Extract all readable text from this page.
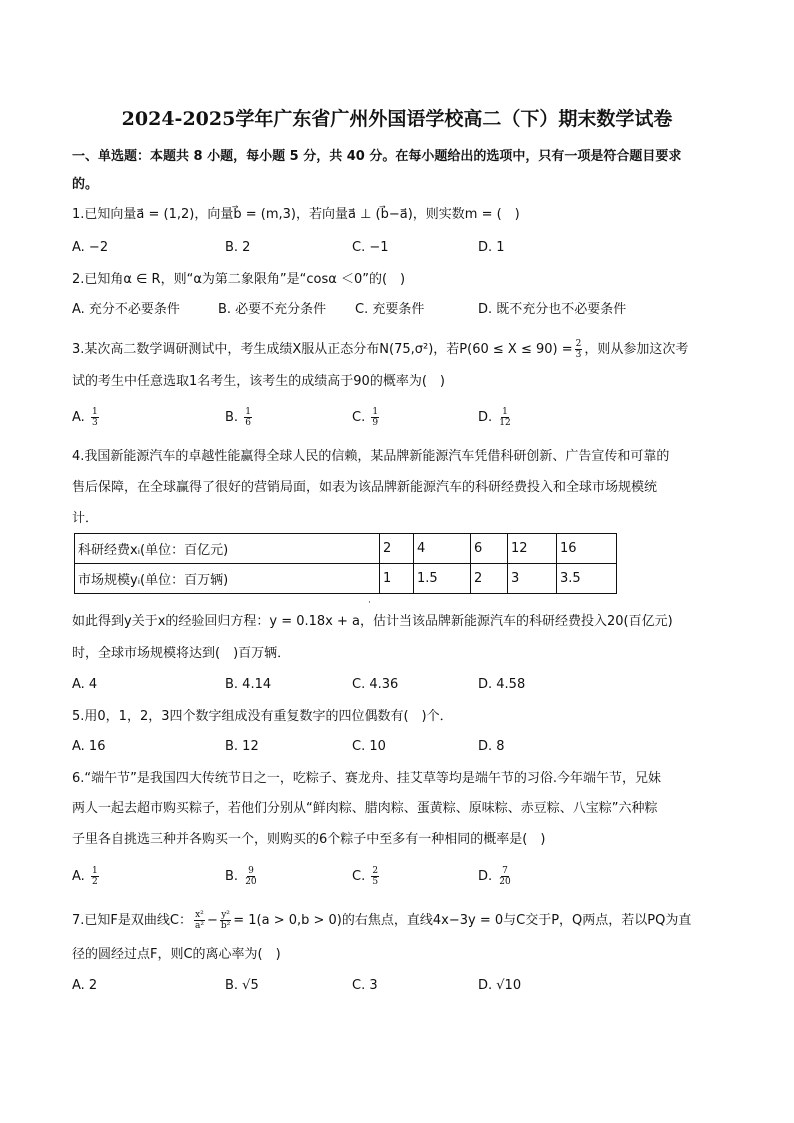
2024-2025学年广东省广州外国语学校高二（下）期末数学试卷
一、单选题：本题共 8 小题，每小题 5 分，共 40 分。在每小题给出的选项中，只有一项是符合题目要求
的。
1.已知向量a⃗ = (1,2)，向量b⃗ = (m,3)，若向量a⃗ ⊥ (b⃗−a⃗)，则实数m = (　)
A. −2	B. 2	C. −1	D. 1
2.已知角α ∈ R，则“α为第二象限角”是“cosα ＜0”的(　)
A. 充分不必要条件	B. 必要不充分条件 C. 充要条件	D. 既不充分也不必要条件
3.某次高二数学调研测试中，考生成绩X服从正态分布N(75,σ²)，若$P(60 \le X \le 90) = \frac{2}{3}$ ，则从参加这次考
试的考生中任意选取1名考生，该考生的成绩高于90的概率为(　)
A. $\frac{1}{3}$	B. $\frac{1}{6}$	C. $\frac{1}{9}$	D. $\frac{1}{12}$
4.我国新能源汽车的卓越性能赢得全球人民的信赖，某品牌新能源汽车凭借科研创新、广告宣传和可靠的
售后保障，在全球赢得了很好的营销局面，如表为该品牌新能源汽车的科研经费投入和全球市场规模统
计．
科研经费xᵢ(单位：百亿元)	2	4	6	12	16
市场规模yᵢ(单位：百万辆)	1	1.5	2	3	3.5
·
如此得到y关于x的经验回归方程：y = 0.18x + a，估计当该品牌新能源汽车的科研经费投入20(百亿元)
时，全球市场规模将达到(　)百万辆．
A. 4	B. 4.14	C. 4.36	D. 4.58
5.用0，1，2，3四个数字组成没有重复数字的四位偶数有(　)个．
A. 16	B. 12	C. 10	D. 8
6.“端午节”是我国四大传统节日之一，吃粽子、赛龙舟、挂艾草等均是端午节的习俗.今年端午节，兄妹
两人一起去超市购买粽子，若他们分别从“鲜肉粽、腊肉粽、蛋黄粽、原味粽、赤豆粽、八宝粽”六种粽
子里各自挑选三种并各购买一个，则购买的6个粽子中至多有一种相同的概率是(　)
A. $\frac{1}{2}$	B. $\frac{9}{20}$	C. $\frac{2}{5}$	D. $\frac{7}{20}$
7.已知F是双曲线C： $\frac{\text{x²}}{\text{a²}} - \frac{\text{y²}}{\text{b²}} = 1(a > 0,b > 0)$的右焦点，直线4x−3y = 0与C交于P，Q两点，若以PQ为直
径的圆经过点F，则C的离心率为(　)
A. 2	B. √5	C. 3	D. √10
